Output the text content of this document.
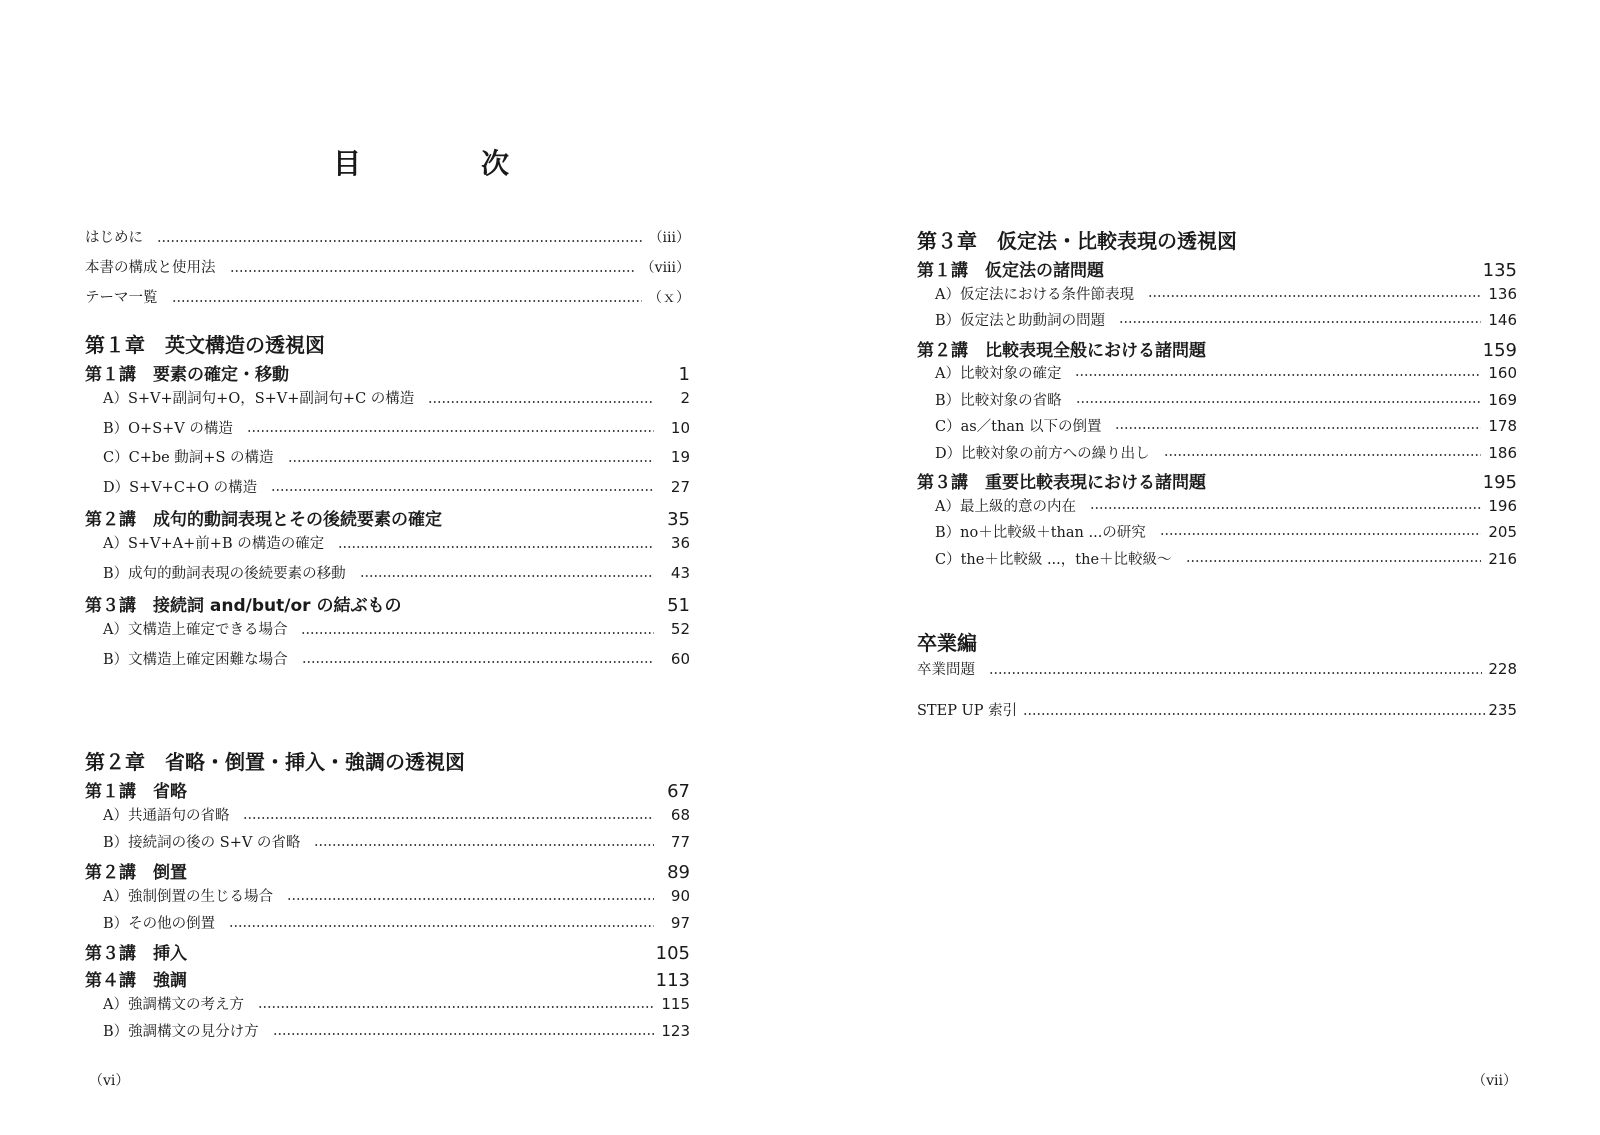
目　次
はじめに	（iii）
本書の構成と使用法	（viii）
テーマ一覧	（ｘ）
第１章　英文構造の透視図
第１講　要素の確定・移動	1
A）S+V+副詞句+O，S+V+副詞句+C の構造	2
B）O+S+V の構造	10
C）C+be 動詞+S の構造	19
D）S+V+C+O の構造	27
第２講　成句的動詞表現とその後続要素の確定	35
A）S+V+A+前+B の構造の確定	36
B）成句的動詞表現の後続要素の移動	43
第３講　接続詞 and/but/or の結ぶもの	51
A）文構造上確定できる場合	52
B）文構造上確定困難な場合	60
第２章　省略・倒置・挿入・強調の透視図
第１講　省略	67
A）共通語句の省略	68
B）接続詞の後の S+V の省略	77
第２講　倒置	89
A）強制倒置の生じる場合	90
B）その他の倒置	97
第３講　挿入	105
第４講　強調	113
A）強調構文の考え方	115
B）強調構文の見分け方	123
（vi）
第３章　仮定法・比較表現の透視図
第１講　仮定法の諸問題	135
A）仮定法における条件節表現	136
B）仮定法と助動詞の問題	146
第２講　比較表現全般における諸問題	159
A）比較対象の確定	160
B）比較対象の省略	169
C）as／than 以下の倒置	178
D）比較対象の前方への繰り出し	186
第３講　重要比較表現における諸問題	195
A）最上級的意の内在	196
B）no＋比較級＋than ...の研究	205
C）the＋比較級 ...，the＋比較級～	216
卒業編
卒業問題	228
STEP UP 索引	235
（vii）
